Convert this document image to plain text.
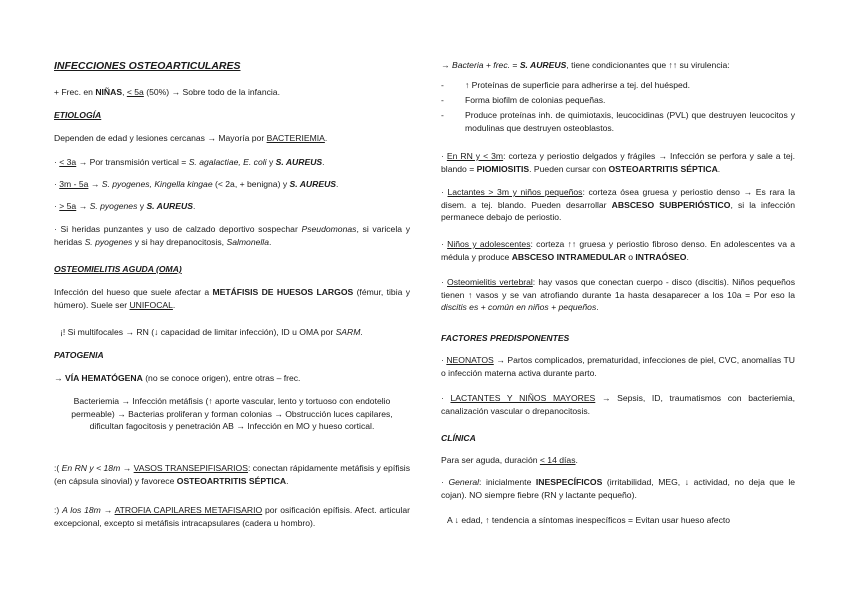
INFECCIONES OSTEOARTICULARES
+ Frec. en NIÑAS, < 5a (50%) → Sobre todo de la infancia.
ETIOLOGÍA
Dependen de edad y lesiones cercanas → Mayoría por BACTERIEMIA.
· < 3a → Por transmisión vertical = S. agalactiae, E. coli y S. AUREUS.
· 3m - 5a → S. pyogenes, Kingella kingae (< 2a, + benigna) y S. AUREUS.
· > 5a → S. pyogenes y S. AUREUS.
· Si heridas punzantes y uso de calzado deportivo sospechar Pseudomonas, si varicela y heridas S. pyogenes y si hay drepanocitosis, Salmonella.
OSTEOMIELITIS AGUDA (OMA)
Infección del hueso que suele afectar a METÁFISIS DE HUESOS LARGOS (fémur, tibia y húmero). Suele ser UNIFOCAL.
¡! Si multifocales → RN (↓ capacidad de limitar infección), ID u OMA por SARM.
PATOGENIA
→ VÍA HEMATÓGENA (no se conoce origen), entre otras – frec.
Bacteriemia → Infección metáfisis (↑ aporte vascular, lento y tortuoso con endotelio permeable) → Bacterias proliferan y forman colonias → Obstrucción luces capilares, dificultan fagocitosis y penetración AB → Infección en MO y hueso cortical.
:( En RN y < 18m → VASOS TRANSEPIFISARIOS: conectan rápidamente metáfisis y epífisis (en cápsula sinovial) y favorece OSTEOARTRITIS SÉPTICA.
:) A los 18m → ATROFIA CAPILARES METAFISARIO por osificación epífisis. Afect. articular excepcional, excepto si metáfisis intracapsulares (cadera u hombro).
→ Bacteria + frec. = S. AUREUS, tiene condicionantes que ↑↑ su virulencia:
-	↑ Proteínas de superficie para adherirse a tej. del huésped.
-	Forma biofilm de colonias pequeñas.
-	Produce proteínas inh. de quimiotaxis, leucocidinas (PVL) que destruyen leucocitos y modulinas que destruyen osteoblastos.
· En RN y < 3m: corteza y periostio delgados y frágiles → Infección se perfora y sale a tej. blando = PIOMIOSITIS. Pueden cursar con OSTEOARTRITIS SÉPTICA.
· Lactantes > 3m y niños pequeños: corteza ósea gruesa y periostio denso → Es rara la disem. a tej. blando. Pueden desarrollar ABSCESO SUBPERIÓSTICO, si la infección permanece debajo de periostio.
· Niños y adolescentes: corteza ↑↑ gruesa y periostio fibroso denso. En adolescentes va a médula y produce ABSCESO INTRAMEDULAR o INTRAÓSEO.
· Osteomielitis vertebral: hay vasos que conectan cuerpo - disco (discitis). Niños pequeños tienen ↑ vasos y se van atrofiando durante 1a hasta desaparecer a los 10a = Por eso la discitis es + común en niños + pequeños.
FACTORES PREDISPONENTES
· NEONATOS → Partos complicados, prematuridad, infecciones de piel, CVC, anomalías TU o infección materna activa durante parto.
· LACTANTES Y NIÑOS MAYORES → Sepsis, ID, traumatismos con bacteriemia, canalización vascular o drepanocitosis.
CLÍNICA
Para ser aguda, duración < 14 días.
· General: inicialmente INESPECÍFICOS (irritabilidad, MEG, ↓ actividad, no deja que le cojan). NO siempre fiebre (RN y lactante pequeño).
A ↓ edad, ↑ tendencia a síntomas inespecíficos = Evitan usar hueso afecto
